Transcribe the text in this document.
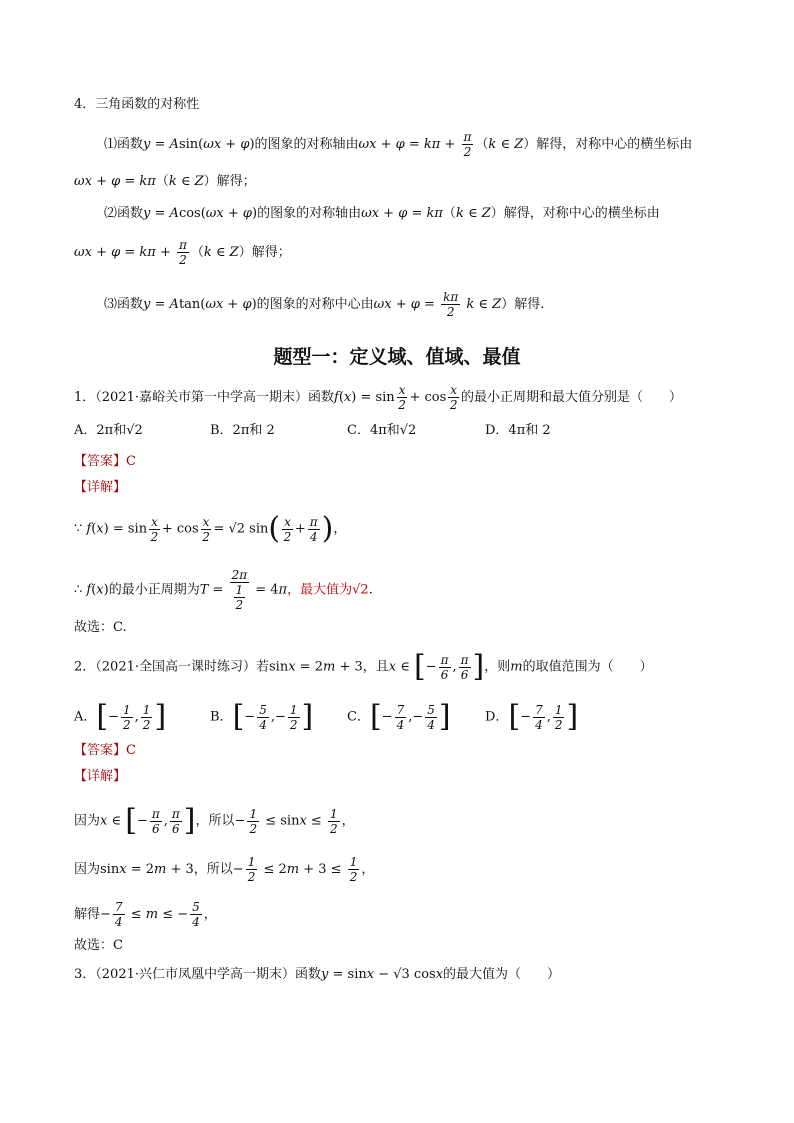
4．三角函数的对称性
⑴函数y = Asin(ωx + φ)的图象的对称轴由$\omega x + \varphi = k\pi + \frac{\pi}{2} (k$ ∈ Z）解得，对称中心的横坐标由
ωx + φ = kπ（k ∈ Z）解得；
⑵函数y = Acos(ωx + φ)的图象的对称轴由ωx + φ = kπ（k ∈ Z）解得，对称中心的横坐标由
$\omega x + \varphi = k\pi + \frac{\pi}{2} (k$ ∈ Z）解得；
⑶函数y = Atan(ωx + φ)的图象的对称中心由$\omega x + \varphi = \frac{k\pi}{2}$ k ∈ Z）解得.
题型一：定义域、值域、最值
1．（2021·嘉峪关市第一中学高一期末）函数$f(x) = \sin \frac{x}{2} + \cos \frac{x}{2}$ 的最小正周期和最大值分别是（　　）
A．2π和√2	B．2π和 2	C．4π和√2	D．4π和 2
【答案】C
【详解】
∵ $f(x) = \sin \frac{x}{2} + \cos \frac{x}{2} = √2$ $\sin( \frac{x}{2} + \frac{\pi}{4}$ )，
∴ f(x)的最小正周期为$T = \frac{2\pi}{\frac{1}{2}} = 4\pi$，最大值为√2.
故选：C.
2．（2021·全国高一课时练习）若sinx = 2m + 3，且x ∈ [− $\frac{\pi}{6}$ , $\frac{\pi}{6}$ ]，则m的取值范围为（　　）
A．[− $\frac{1}{2}$ , $\frac{1}{2}$ ]	B．[− $\frac{5}{4}$ ,− $\frac{1}{2}$ ]	C．[− $\frac{7}{4}$ ,− $\frac{5}{4}$ ]	D．[− $\frac{7}{4}$ , $\frac{1}{2}$ ]
【答案】C
【详解】
因为x ∈ [− $\frac{\pi}{6}$ , $\frac{\pi}{6}$ ]，所以− $\frac{1}{2} \le \sin x \le \frac{1}{2}$ ，
因为sinx = 2m + 3，所以− $\frac{1}{2} \le 2m + 3 \le \frac{1}{2}$ ，
解得− $\frac{7}{4} \le m$ ≤ − $\frac{5}{4}$ ，
故选：C
3．（2021·兴仁市凤凰中学高一期末）函数y = sinx − √3 cosx的最大值为（　　）
